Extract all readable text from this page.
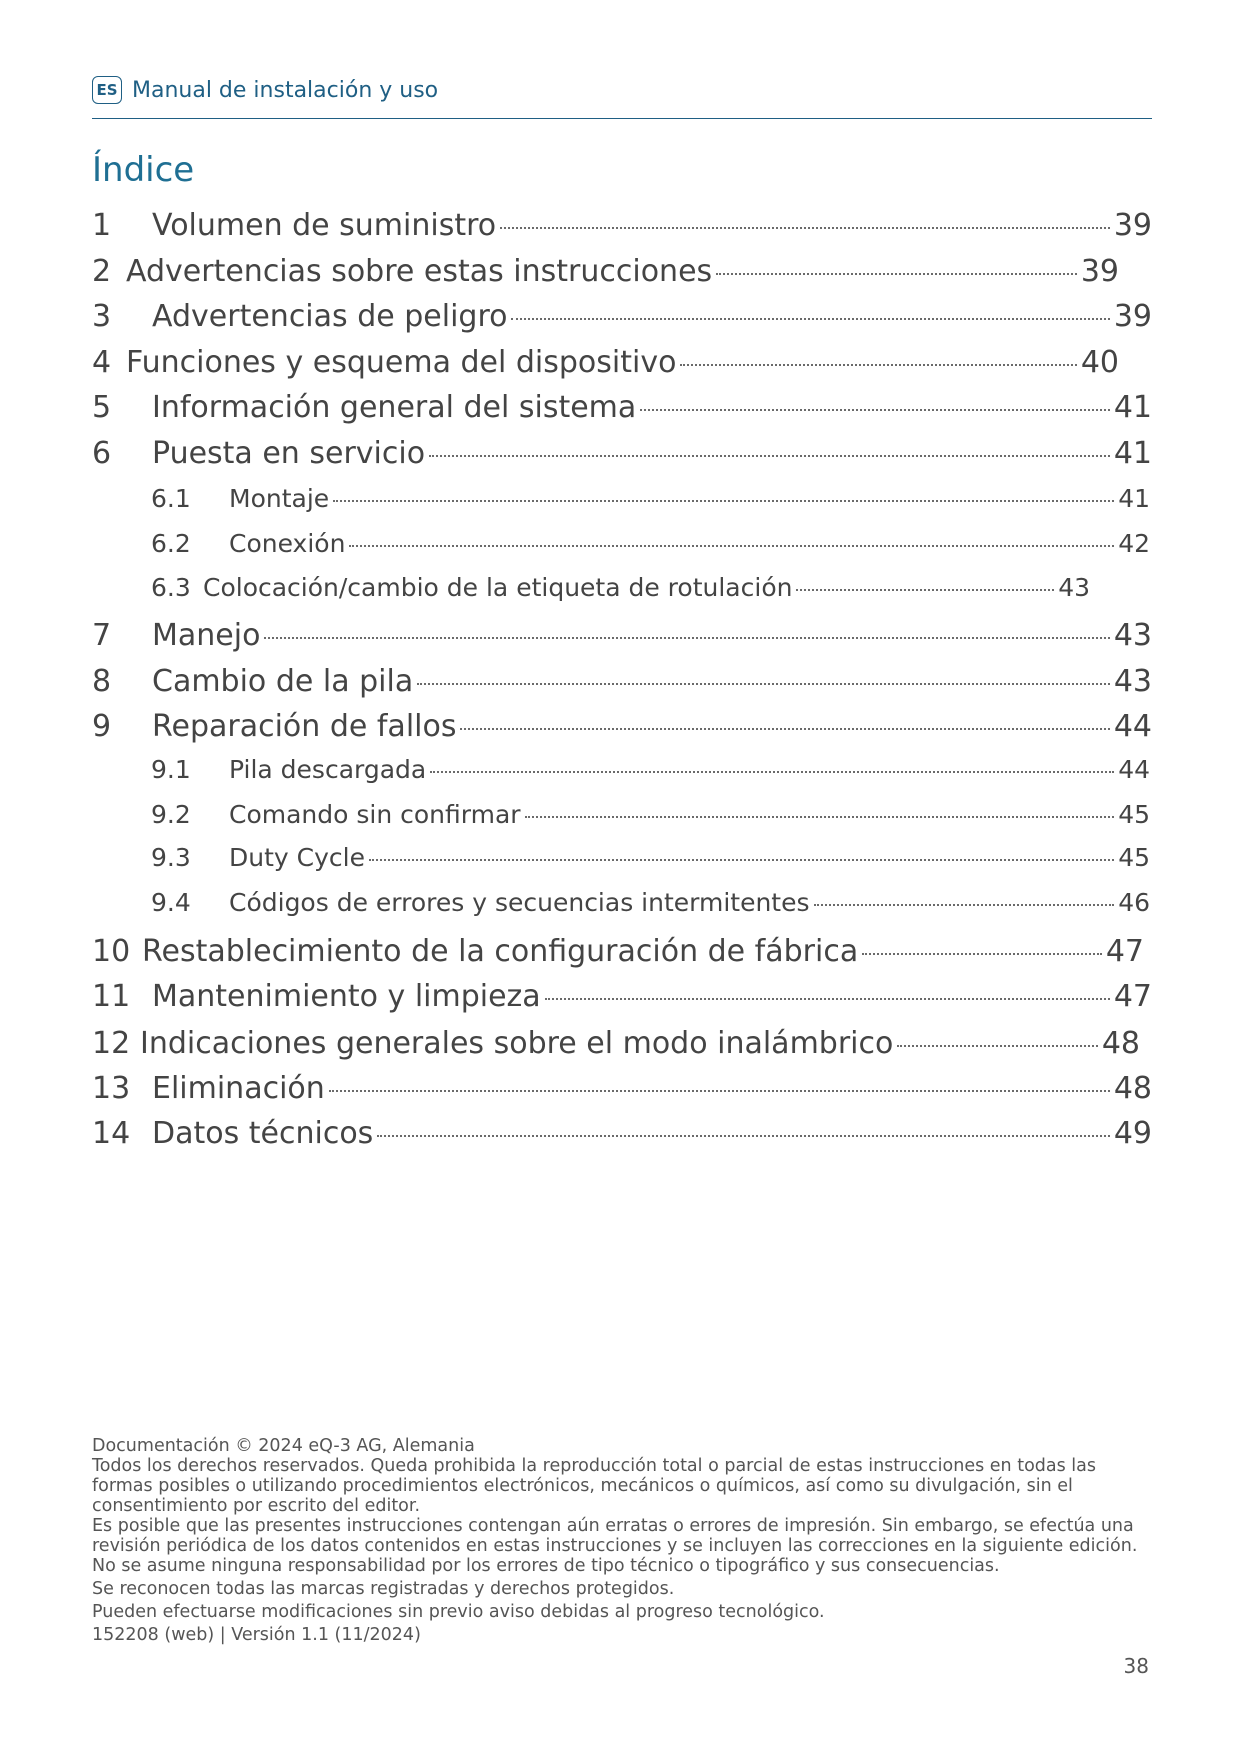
ES Manual de instalación y uso
Índice
1	Volumen de suministro	39
2 Advertencias sobre estas instrucciones	39
3	Advertencias de peligro	39
4 Funciones y esquema del dispositivo	40
5	Información general del sistema	41
6	Puesta en servicio	41
6.1	Montaje	41
6.2	Conexión	42
6.3 Colocación/cambio de la etiqueta de rotulación	43
7	Manejo	43
8	Cambio de la pila	43
9	Reparación de fallos	44
9.1	Pila descargada	44
9.2	Comando sin confirmar	45
9.3	Duty Cycle	45
9.4	Códigos de errores y secuencias intermitentes	46
10 Restablecimiento de la configuración de fábrica	47
11 Mantenimiento y limpieza	47
12 Indicaciones generales sobre el modo inalámbrico	48
13 Eliminación	48
14 Datos técnicos	49

Documentación © 2024 eQ-3 AG, Alemania

Todos los derechos reservados. Queda prohibida la reproducción total o parcial de estas instrucciones en todas las formas posibles o utilizando procedimientos electrónicos, mecánicos o químicos, así como su divulgación, sin el consentimiento por escrito del editor.

Es posible que las presentes instrucciones contengan aún erratas o errores de impresión. Sin embargo, se efectúa una revisión periódica de los datos contenidos en estas instrucciones y se incluyen las correcciones en la siguiente edición. No se asume ninguna responsabilidad por los errores de tipo técnico o tipográfico y sus consecuencias.

Se reconocen todas las marcas registradas y derechos protegidos.

Pueden efectuarse modificaciones sin previo aviso debidas al progreso tecnológico.

152208 (web) | Versión 1.1 (11/2024)

38
